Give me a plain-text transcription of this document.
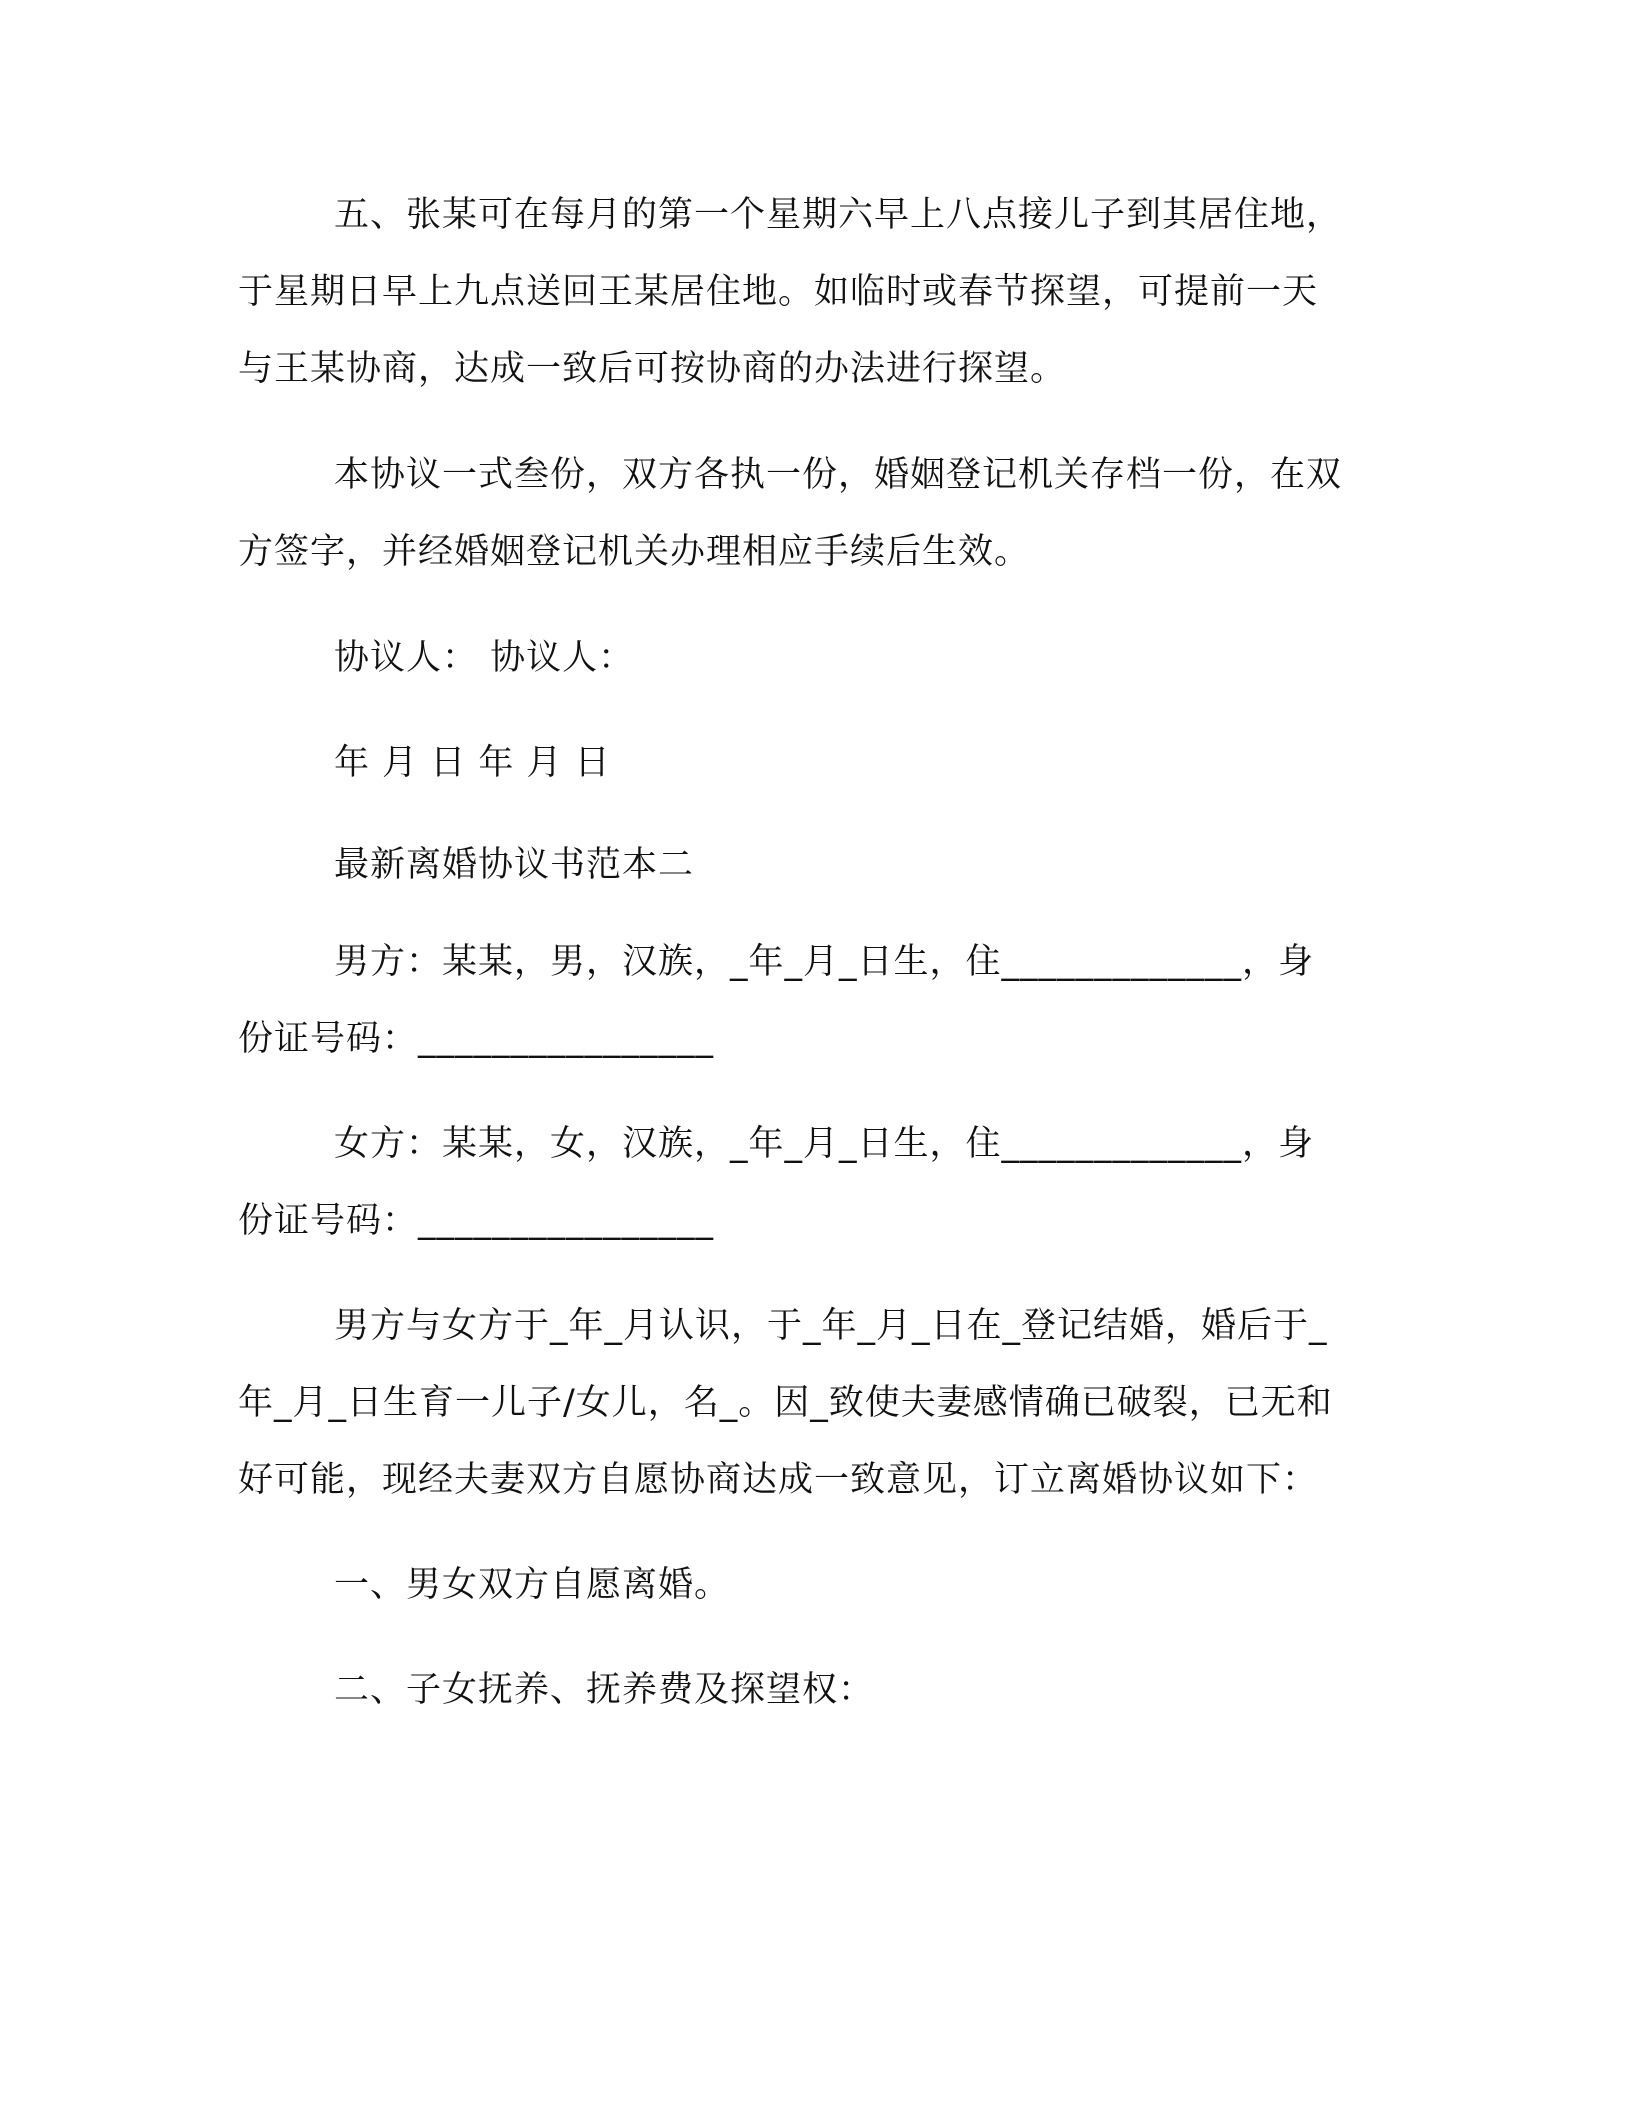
五、张某可在每月的第一个星期六早上八点接儿子到其居住地，
于星期日早上九点送回王某居住地。如临时或春节探望，可提前一天
与王某协商，达成一致后可按协商的办法进行探望。
本协议一式叁份，双方各执一份，婚姻登记机关存档一份，在双
方签字，并经婚姻登记机关办理相应手续后生效。
协议人： 协议人：
年 月 日 年 月 日
最新离婚协议书范本二
男方：某某，男，汉族，_年_月_日生，住_____________，身
份证号码：________________
女方：某某，女，汉族，_年_月_日生，住_____________，身
份证号码：________________
男方与女方于_年_月认识，于_年_月_日在_登记结婚，婚后于_
年_月_日生育一儿子/女儿，名_。因_致使夫妻感情确已破裂，已无和
好可能，现经夫妻双方自愿协商达成一致意见，订立离婚协议如下：
一、男女双方自愿离婚。
二、子女抚养、抚养费及探望权：
